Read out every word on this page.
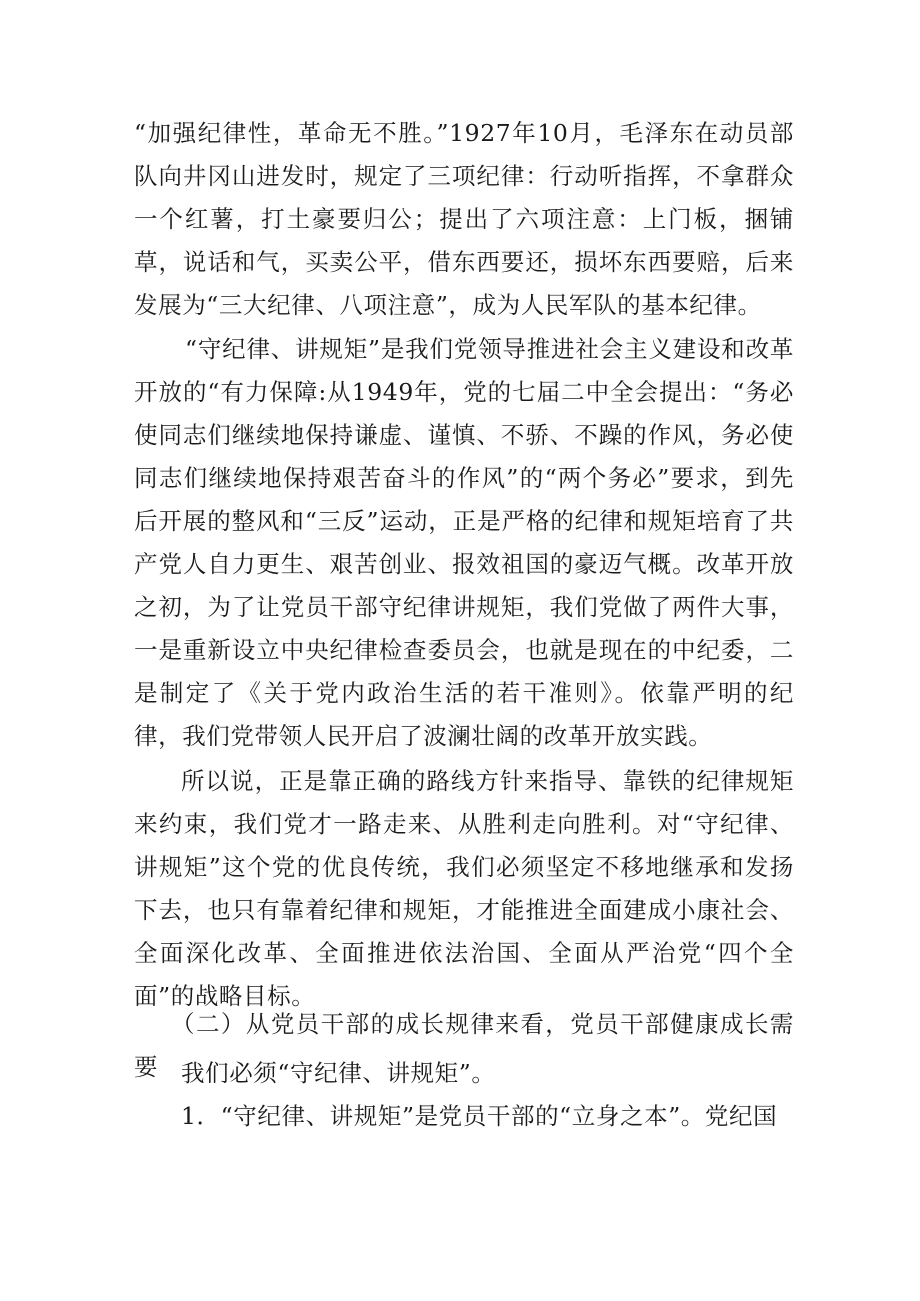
“加强纪律性，革命无不胜。”1927年10月，毛泽东在动员部队向井冈山进发时，规定了三项纪律：行动听指挥，不拿群众一个红薯，打土豪要归公；提出了六项注意：上门板，捆铺草，说话和气，买卖公平，借东西要还，损坏东西要赔，后来发展为“三大纪律、八项注意”，成为人民军队的基本纪律。

“守纪律、讲规矩”是我们党领导推进社会主义建设和改革开放的“有力保障:从1949年，党的七届二中全会提出：“务必使同志们继续地保持谦虚、谨慎、不骄、不躁的作风，务必使同志们继续地保持艰苦奋斗的作风”的“两个务必”要求，到先后开展的整风和“三反”运动，正是严格的纪律和规矩培育了共产党人自力更生、艰苦创业、报效祖国的豪迈气概。改革开放之初，为了让党员干部守纪律讲规矩，我们党做了两件大事，一是重新设立中央纪律检查委员会，也就是现在的中纪委，二是制定了《关于党内政治生活的若干准则》。依靠严明的纪律，我们党带领人民开启了波澜壮阔的改革开放实践。

所以说，正是靠正确的路线方针来指导、靠铁的纪律规矩来约束，我们党才一路走来、从胜利走向胜利。对“守纪律、讲规矩”这个党的优良传统，我们必须坚定不移地继承和发扬下去，也只有靠着纪律和规矩，才能推进全面建成小康社会、全面深化改革、全面推进依法治国、全面从严治党“四个全面”的战略目标。

（二）从党员干部的成长规律来看，党员干部健康成长需要 我们必须“守纪律、讲规矩”。

1．“守纪律、讲规矩”是党员干部的“立身之本”。党纪国
